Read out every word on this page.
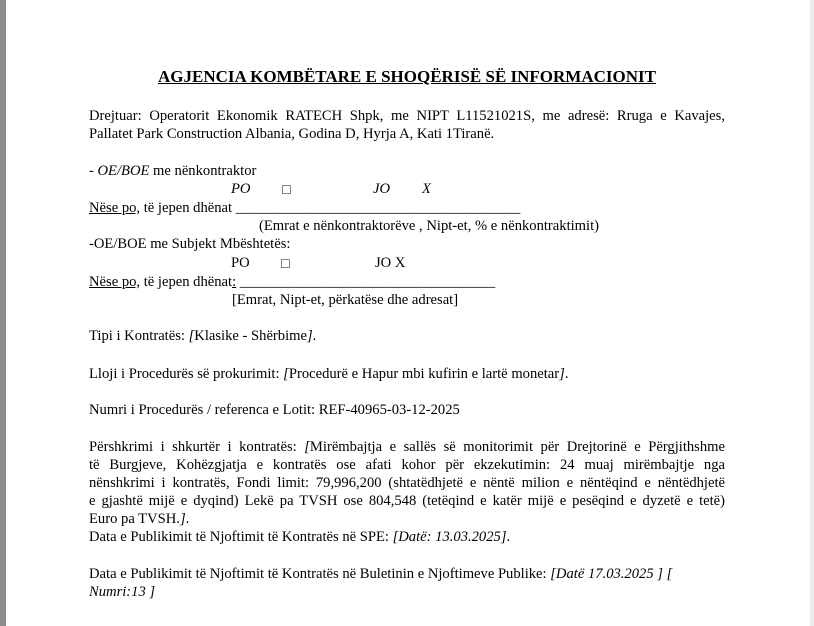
AGJENCIA KOMBËTARE E SHOQËRISË SË INFORMACIONIT
Drejtuar: Operatorit Ekonomik RATECH Shpk, me NIPT L11521021S, me adresë: Rruga e Kavajes,
Pallatet Park Construction Albania, Godina D, Hyrja A, Kati 1Tiranë.
- OE/BOE me nënkontraktor
PO	☐	JO X
Nëse po, të jepen dhënat _______________________________________
(Emrat e nënkontraktorëve , Nipt-et, % e nënkontraktimit)
-OE/BOE me Subjekt Mbështetës:
PO	☐	JO X
Nëse po, të jepen dhënat: ___________________________________
[Emrat, Nipt-et, përkatëse dhe adresat]
Tipi i Kontratës: [Klasike - Shërbime].
Lloji i Procedurës së prokurimit: [Procedurë e Hapur mbi kufirin e lartë monetar].
Numri i Procedurës / referenca e Lotit: REF-40965-03-12-2025
Përshkrimi i shkurtër i kontratës: [Mirëmbajtja e sallës së monitorimit për Drejtorinë e Përgjithshme
të Burgjeve, Kohëzgjatja e kontratës ose afati kohor për ekzekutimin: 24 muaj mirëmbajtje nga
nënshkrimi i kontratës, Fondi limit: 79,996,200 (shtatëdhjetë e nëntë milion e nëntëqind e nëntëdhjetë
e gjashtë mijë e dyqind) Lekë pa TVSH ose 804,548 (tetëqind e katër mijë e pesëqind e dyzetë e tetë)
Euro pa TVSH.].
Data e Publikimit të Njoftimit të Kontratës në SPE: [Datë: 13.03.2025].
Data e Publikimit të Njoftimit të Kontratës në Buletinin e Njoftimeve Publike: [Datë 17.03.2025 ] [
Numri:13 ]
